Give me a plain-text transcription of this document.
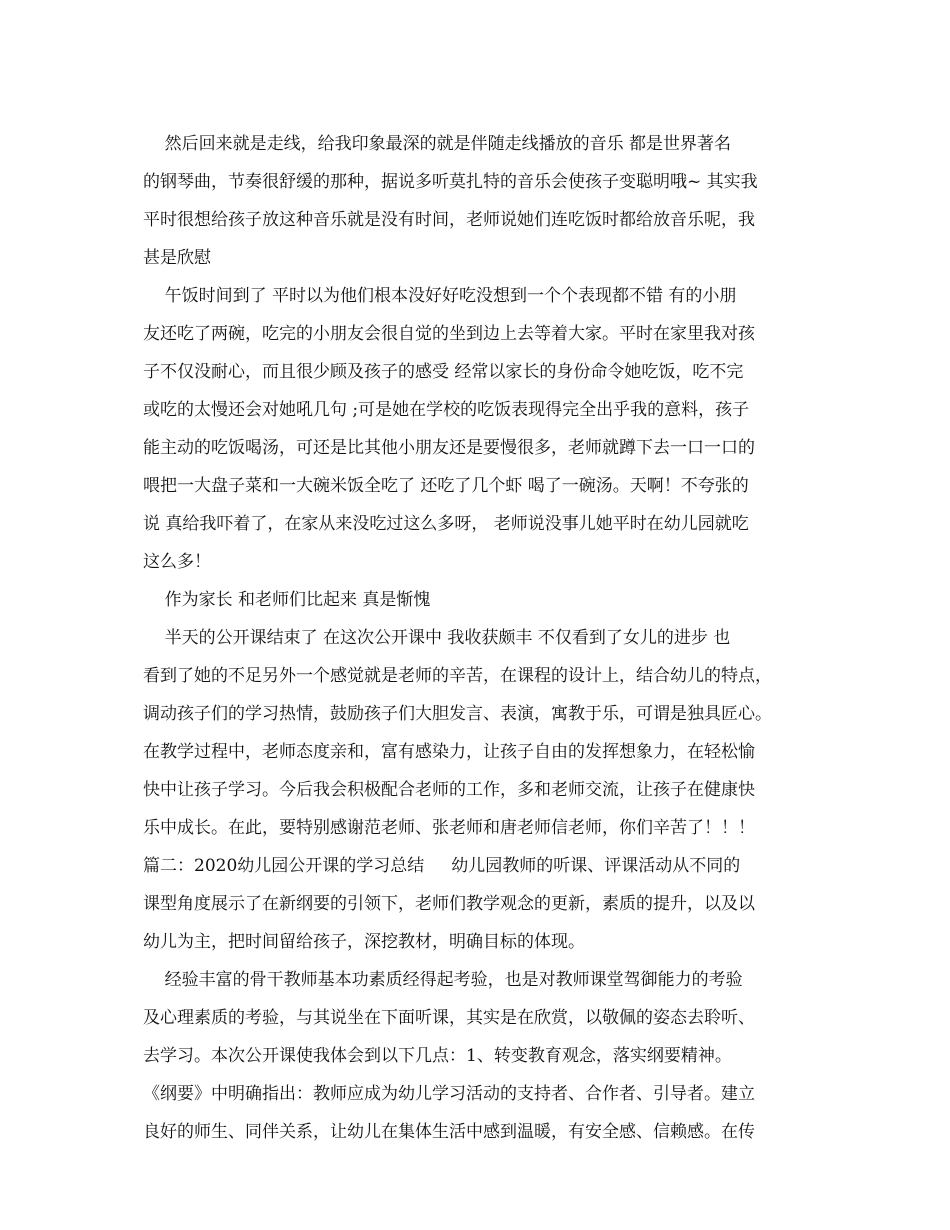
然后回来就是走线，给我印象最深的就是伴随走线播放的音乐 都是世界著名
的钢琴曲，节奏很舒缓的那种，据说多听莫扎特的音乐会使孩子变聪明哦~ 其实我
平时很想给孩子放这种音乐就是没有时间，老师说她们连吃饭时都给放音乐呢，我
甚是欣慰
午饭时间到了 平时以为他们根本没好好吃没想到一个个表现都不错 有的小朋
友还吃了两碗，吃完的小朋友会很自觉的坐到边上去等着大家。平时在家里我对孩
子不仅没耐心，而且很少顾及孩子的感受 经常以家长的身份命令她吃饭，吃不完
或吃的太慢还会对她吼几句 ;可是她在学校的吃饭表现得完全出乎我的意料，孩子
能主动的吃饭喝汤，可还是比其他小朋友还是要慢很多，老师就蹲下去一口一口的
喂把一大盘子菜和一大碗米饭全吃了 还吃了几个虾 喝了一碗汤。天啊！不夸张的
说 真给我吓着了，在家从来没吃过这么多呀， 老师说没事儿她平时在幼儿园就吃
这么多！
作为家长 和老师们比起来 真是惭愧
半天的公开课结束了 在这次公开课中 我收获颇丰 不仅看到了女儿的进步 也
看到了她的不足另外一个感觉就是老师的辛苦，在课程的设计上，结合幼儿的特点，
调动孩子们的学习热情，鼓励孩子们大胆发言、表演，寓教于乐，可谓是独具匠心。
在教学过程中，老师态度亲和，富有感染力，让孩子自由的发挥想象力，在轻松愉
快中让孩子学习。今后我会积极配合老师的工作，多和老师交流，让孩子在健康快
乐中成长。在此，要特别感谢范老师、张老师和唐老师信老师，你们辛苦了！！！
篇二：2020幼儿园公开课的学习总结     幼儿园教师的听课、评课活动从不同的
课型角度展示了在新纲要的引领下，老师们教学观念的更新，素质的提升，以及以
幼儿为主，把时间留给孩子，深挖教材，明确目标的体现。
经验丰富的骨干教师基本功素质经得起考验，也是对教师课堂驾御能力的考验
及心理素质的考验，与其说坐在下面听课，其实是在欣赏，以敬佩的姿态去聆听、
去学习。本次公开课使我体会到以下几点：1、转变教育观念，落实纲要精神。
《纲要》中明确指出：教师应成为幼儿学习活动的支持者、合作者、引导者。建立
良好的师生、同伴关系，让幼儿在集体生活中感到温暖，有安全感、信赖感。在传
